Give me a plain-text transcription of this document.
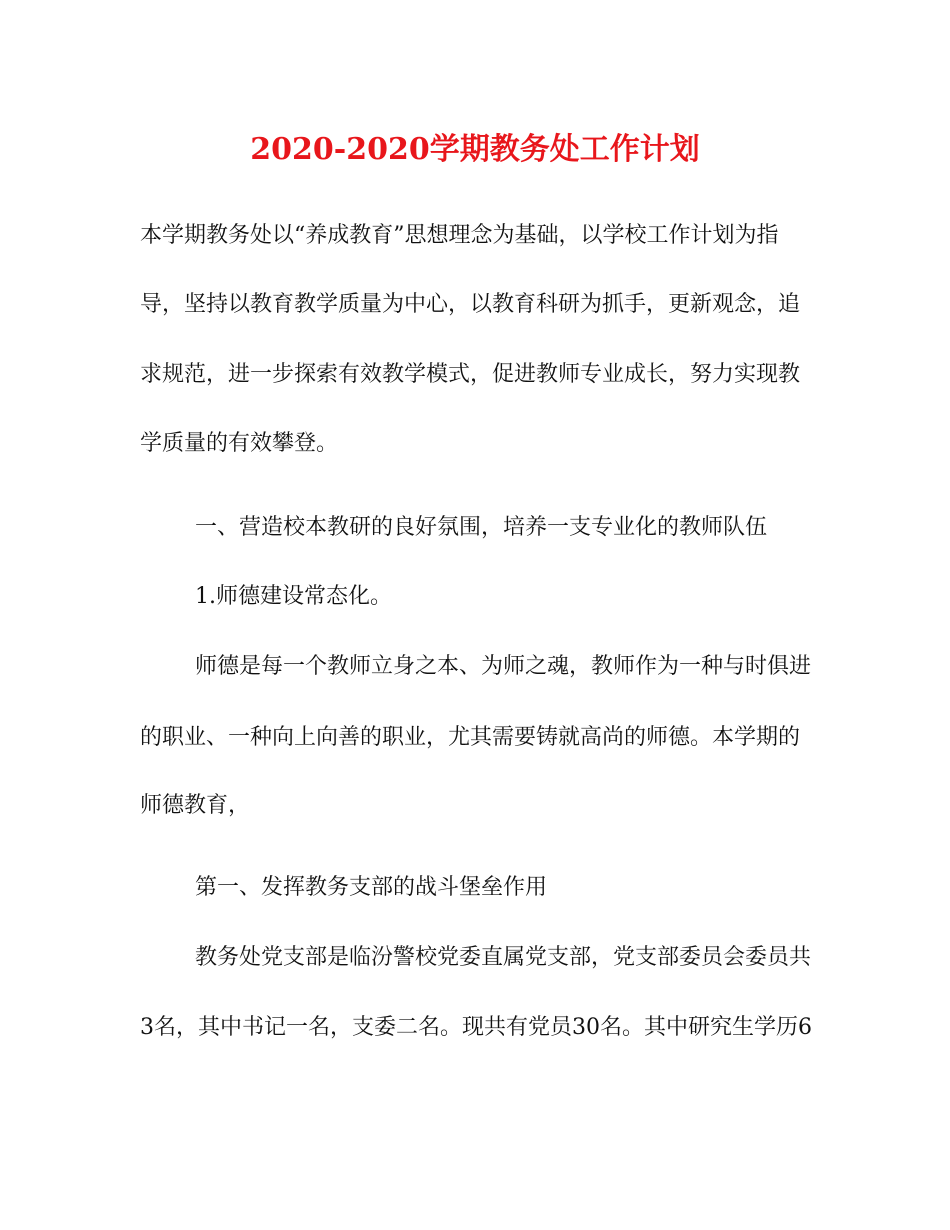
2020-2020学期教务处工作计划
本学期教务处以“养成教育”思想理念为基础，以学校工作计划为指
导，坚持以教育教学质量为中心，以教育科研为抓手，更新观念，追
求规范，进一步探索有效教学模式，促进教师专业成长，努力实现教
学质量的有效攀登。
一、营造校本教研的良好氛围，培养一支专业化的教师队伍
1.师德建设常态化。
师德是每一个教师立身之本、为师之魂，教师作为一种与时俱进
的职业、一种向上向善的职业，尤其需要铸就高尚的师德。本学期的
师德教育，
第一、发挥教务支部的战斗堡垒作用
教务处党支部是临汾警校党委直属党支部，党支部委员会委员共
3名，其中书记一名，支委二名。现共有党员30名。其中研究生学历6
